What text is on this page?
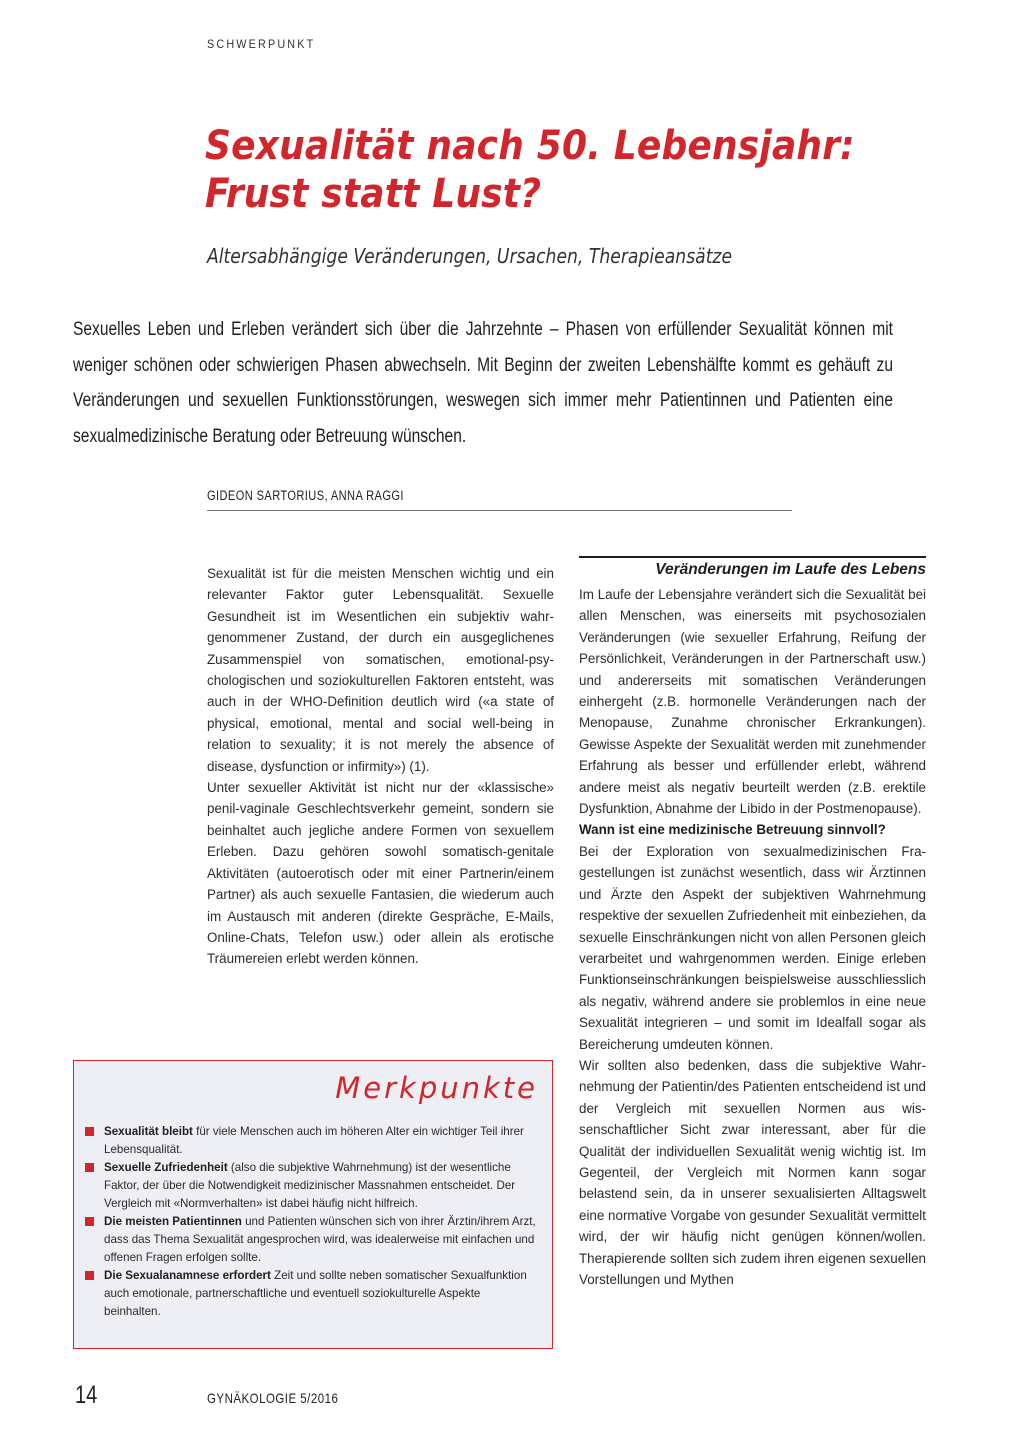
SCHWERPUNKT
Sexualität nach 50. Lebensjahr:
Frust statt Lust?
Altersabhängige Veränderungen, Ursachen, Therapieansätze
Sexuelles Leben und Erleben verändert sich über die Jahrzehnte – Phasen von erfüllender Sexualität können mit weniger schönen oder schwierigen Phasen abwechseln. Mit Beginn der zweiten Lebenshälfte kommt es gehäuft zu Veränderungen und sexuellen Funktionsstörungen, weswegen sich immer mehr Patientinnen und Patienten eine sexualmedizinische Beratung oder Betreuung wünschen.
GIDEON SARTORIUS, ANNA RAGGI

Sexualität ist für die meisten Menschen wichtig und ein relevanter Faktor guter Lebensqualität. Sexuelle Gesundheit ist im Wesentlichen ein subjektiv wahrgenommener Zustand, der durch ein ausgeglichenes Zusammenspiel von somatischen, emotional-psychologischen und soziokulturellen Faktoren entsteht, was auch in der WHO-Definition deutlich wird («a state of physical, emotional, mental and social well-being in relation to sexuality; it is not merely the absence of disease, dysfunction or infirmity») (1).

Unter sexueller Aktivität ist nicht nur der «klassische» penil-vaginale Geschlechtsverkehr gemeint, sondern sie beinhaltet auch jegliche andere Formen von sexuellem Erleben. Dazu gehören sowohl somatisch-genitale Aktivitäten (autoerotisch oder mit einer Partnerin/einem Partner) als auch sexuelle Fantasien, die wiederum auch im Austausch mit anderen (direkte Gespräche, E-Mails, Online-Chats, Telefon usw.) oder allein als erotische Träumereien erlebt werden können.

Veränderungen im Laufe des Lebens

Im Laufe der Lebensjahre verändert sich die Sexualität bei allen Menschen, was einerseits mit psychosozialen Veränderungen (wie sexueller Erfahrung, Reifung der Persönlichkeit, Veränderungen in der Partnerschaft usw.) und andererseits mit somatischen Veränderungen einhergeht (z.B. hormonelle Veränderungen nach der Menopause, Zunahme chronischer Erkrankungen). Gewisse Aspekte der Sexualität werden mit zunehmender Erfahrung als besser und erfüllender erlebt, während andere meist als negativ beurteilt werden (z.B. erektile Dysfunktion, Abnahme der Libido in der Postmenopause).

Wann ist eine medizinische Betreuung sinnvoll?

Bei der Exploration von sexualmedizinischen Fragestellungen ist zunächst wesentlich, dass wir Ärztinnen und Ärzte den Aspekt der subjektiven Wahrnehmung respektive der sexuellen Zufriedenheit mit einbeziehen, da sexuelle Einschränkungen nicht von allen Personen gleich verarbeitet und wahrgenommen werden. Einige erleben Funktionseinschränkungen beispielsweise ausschliesslich als negativ, während andere sie problemlos in eine neue Sexualität integrieren – und somit im Idealfall sogar als Bereicherung umdeuten können.

Wir sollten also bedenken, dass die subjektive Wahrnehmung der Patientin/des Patienten entscheidend ist und der Vergleich mit sexuellen Normen aus wissenschaftlicher Sicht zwar interessant, aber für die Qualität der individuellen Sexualität wenig wichtig ist. Im Gegenteil, der Vergleich mit Normen kann sogar belastend sein, da in unserer sexualisierten Alltagswelt eine normative Vorgabe von gesunder Sexualität vermittelt wird, der wir häufig nicht genügen können/wollen. Therapierende sollten sich zudem ihren eigenen sexuellen Vorstellungen und Mythen

Merkpunkte
Sexualität bleibt für viele Menschen auch im höheren Alter ein wichtiger Teil ihrer Lebensqualität.
Sexuelle Zufriedenheit (also die subjektive Wahrnehmung) ist der wesentliche Faktor, der über die Notwendigkeit medizinischer Massnahmen entscheidet. Der Vergleich mit «Normverhalten» ist dabei häufig nicht hilfreich.
Die meisten Patientinnen und Patienten wünschen sich von ihrer Ärztin/ihrem Arzt, dass das Thema Sexualität angesprochen wird, was idealerweise mit einfachen und offenen Fragen erfolgen sollte.
Die Sexualanamnese erfordert Zeit und sollte neben somatischer Sexualfunktion auch emotionale, partnerschaftliche und eventuell soziokulturelle Aspekte beinhalten.
14	GYNÄKOLOGIE 5/2016
